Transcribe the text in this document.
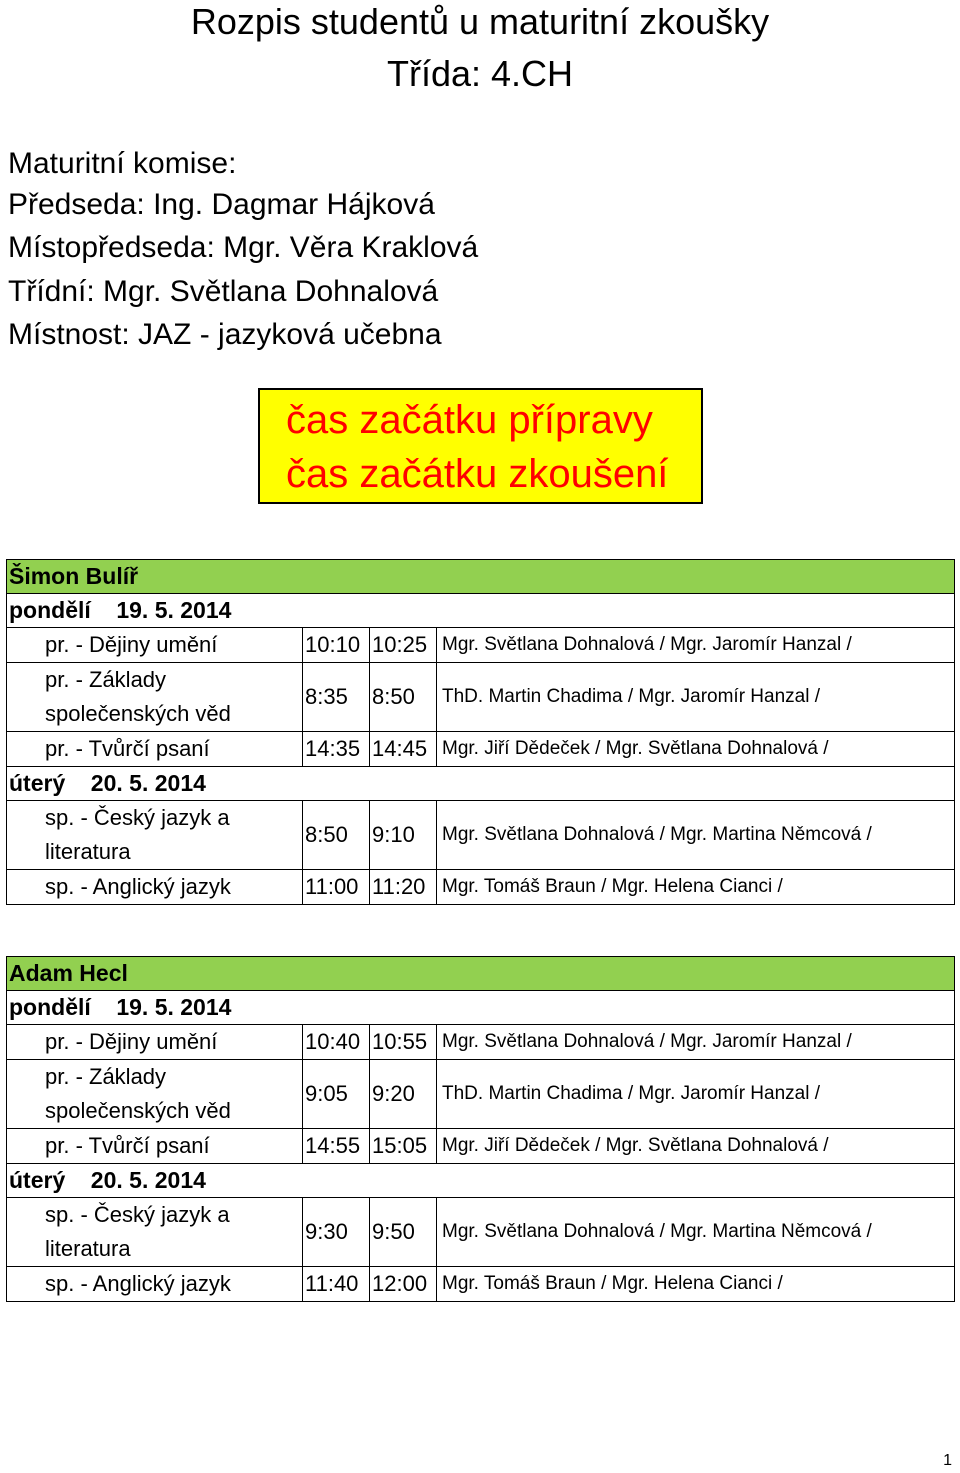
Rozpis studentů u maturitní zkoušky
Třída: 4.CH
Maturitní komise:
Předseda: Ing. Dagmar Hájková
Místopředseda: Mgr. Věra Kraklová
Třídní: Mgr. Světlana Dohnalová
Místnost: JAZ - jazyková učebna
čas začátku přípravy
čas začátku zkoušení
Šimon Bulíř			
pondělí    19. 5. 2014			
pr. - Dějiny umění	10:10	10:25	Mgr. Světlana Dohnalová / Mgr. Jaromír Hanzal /
pr. - Základy společenských věd	8:35	8:50	ThD. Martin Chadima / Mgr. Jaromír Hanzal /
pr. - Tvůrčí psaní	14:35	14:45	Mgr. Jiří Dědeček / Mgr. Světlana Dohnalová /
úterý    20. 5. 2014			
sp. - Český jazyk a literatura	8:50	9:10	Mgr. Světlana Dohnalová / Mgr. Martina Němcová /
sp. - Anglický jazyk	11:00	11:20	Mgr. Tomáš Braun / Mgr. Helena Cianci /
Adam Hecl			
pondělí    19. 5. 2014			
pr. - Dějiny umění	10:40	10:55	Mgr. Světlana Dohnalová / Mgr. Jaromír Hanzal /
pr. - Základy společenských věd	9:05	9:20	ThD. Martin Chadima / Mgr. Jaromír Hanzal /
pr. - Tvůrčí psaní	14:55	15:05	Mgr. Jiří Dědeček / Mgr. Světlana Dohnalová /
úterý    20. 5. 2014			
sp. - Český jazyk a literatura	9:30	9:50	Mgr. Světlana Dohnalová / Mgr. Martina Němcová /
sp. - Anglický jazyk	11:40	12:00	Mgr. Tomáš Braun / Mgr. Helena Cianci /
1
